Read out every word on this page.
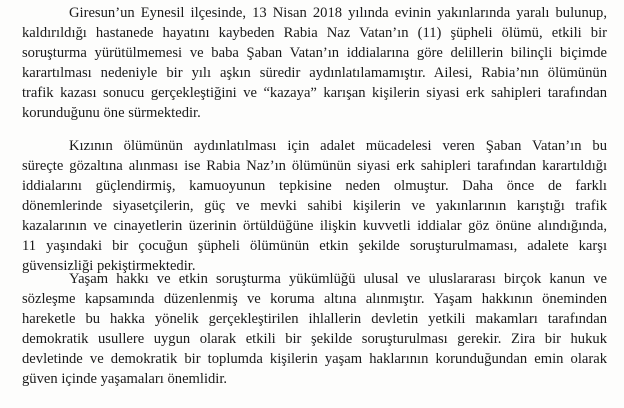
Giresun’un Eynesil ilçesinde, 13 Nisan 2018 yılında evinin yakınlarında yaralı bulunup,
kaldırıldığı hastanede hayatını kaybeden Rabia Naz Vatan’ın (11) şüpheli ölümü, etkili bir
soruşturma yürütülmemesi ve baba Şaban Vatan’ın iddialarına göre delillerin bilinçli biçimde
karartılması nedeniyle bir yılı aşkın süredir aydınlatılamamıştır. Ailesi, Rabia’nın ölümünün
trafik kazası sonucu gerçekleştiğini ve “kazaya” karışan kişilerin siyasi erk sahipleri tarafından
korunduğunu öne sürmektedir.
Kızının ölümünün aydınlatılması için adalet mücadelesi veren Şaban Vatan’ın bu
süreçte gözaltına alınması ise Rabia Naz’ın ölümünün siyasi erk sahipleri tarafından karartıldığı
iddialarını güçlendirmiş, kamuoyunun tepkisine neden olmuştur. Daha önce de farklı
dönemlerinde siyasetçilerin, güç ve mevki sahibi kişilerin ve yakınlarının karıştığı trafik
kazalarının ve cinayetlerin üzerinin örtüldüğüne ilişkin kuvvetli iddialar göz önüne alındığında,
11 yaşındaki bir çocuğun şüpheli ölümünün etkin şekilde soruşturulmaması, adalete karşı
güvensizliği pekiştirmektedir.
Yaşam hakkı ve etkin soruşturma yükümlüğü ulusal ve uluslararası birçok kanun ve
sözleşme kapsamında düzenlenmiş ve koruma altına alınmıştır. Yaşam hakkının öneminden
hareketle bu hakka yönelik gerçekleştirilen ihlallerin devletin yetkili makamları tarafından
demokratik usullere uygun olarak etkili bir şekilde soruşturulması gerekir. Zira bir hukuk
devletinde ve demokratik bir toplumda kişilerin yaşam haklarının korunduğundan emin olarak
güven içinde yaşamaları önemlidir.
